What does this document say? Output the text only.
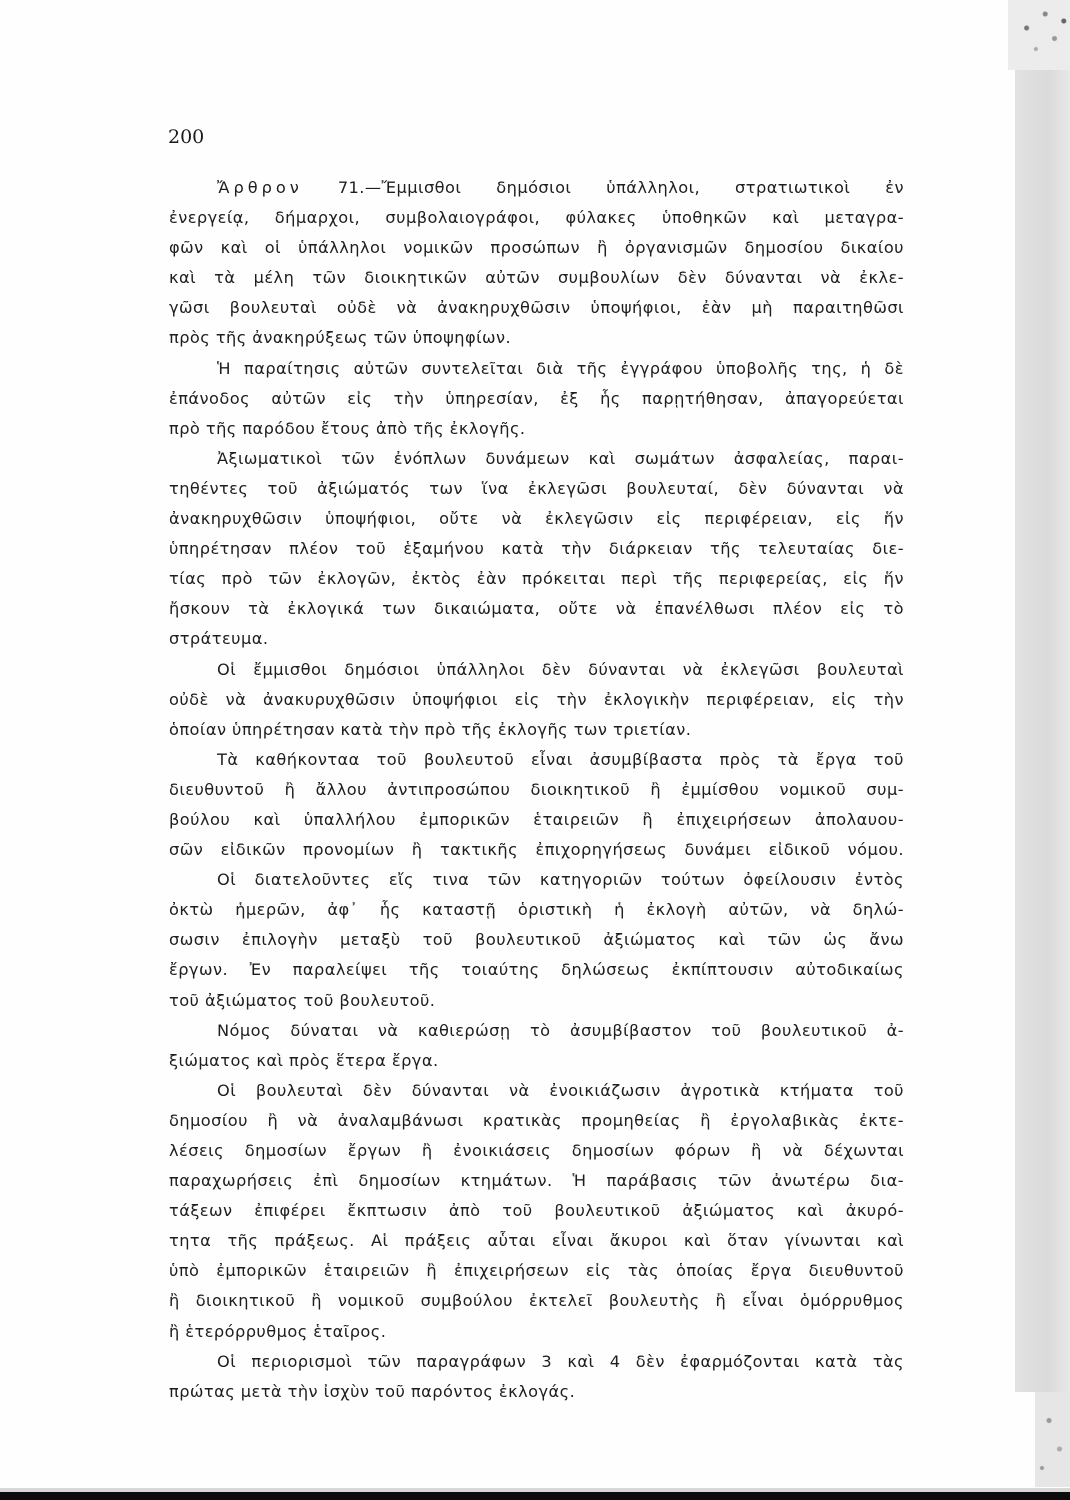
200
Ἄρθρον 71.—Ἔμμισθοι δημόσιοι ὑπάλληλοι, στρατιωτικοὶ ἐν
ἐνεργείᾳ, δήμαρχοι, συμβολαιογράφοι, φύλακες ὑποθηκῶν καὶ μεταγρα-
φῶν καὶ οἱ ὑπάλληλοι νομικῶν προσώπων ἢ ὀργανισμῶν δημοσίου δικαίου
καὶ τὰ μέλη τῶν διοικητικῶν αὐτῶν συμβουλίων δὲν δύνανται νὰ ἐκλε-
γῶσι βουλευταὶ οὐδὲ νὰ ἀνακηρυχθῶσιν ὑποψήφιοι, ἐὰν μὴ παραιτηθῶσι
πρὸς τῆς ἀνακηρύξεως τῶν ὑποψηφίων.
Ἡ παραίτησις αὐτῶν συντελεῖται διὰ τῆς ἐγγράφου ὑποβολῆς της, ἡ δὲ
ἐπάνοδος αὐτῶν εἰς τὴν ὑπηρεσίαν, ἐξ ἧς παρῃτήθησαν, ἀπαγορεύεται
πρὸ τῆς παρόδου ἔτους ἀπὸ τῆς ἐκλογῆς.
Ἀξιωματικοὶ τῶν ἐνόπλων δυνάμεων καὶ σωμάτων ἀσφαλείας, παραι-
τηθέντες τοῦ ἀξιώματός των ἵνα ἐκλεγῶσι βουλευταί, δὲν δύνανται νὰ
ἀνακηρυχθῶσιν ὑποψήφιοι, οὔτε νὰ ἐκλεγῶσιν εἰς περιφέρειαν, εἰς ἥν
ὑπηρέτησαν πλέον τοῦ ἑξαμήνου κατὰ τὴν διάρκειαν τῆς τελευταίας διε-
τίας πρὸ τῶν ἐκλογῶν, ἐκτὸς ἐὰν πρόκειται περὶ τῆς περιφερείας, εἰς ἥν
ἤσκουν τὰ ἐκλογικά των δικαιώματα, οὔτε νὰ ἐπανέλθωσι πλέον εἰς τὸ
στράτευμα.
Οἱ ἔμμισθοι δημόσιοι ὑπάλληλοι δὲν δύνανται νὰ ἐκλεγῶσι βουλευταὶ
οὐδὲ νὰ ἀνακυρυχθῶσιν ὑποψήφιοι εἰς τὴν ἐκλογικὴν περιφέρειαν, εἰς τὴν
ὁποίαν ὑπηρέτησαν κατὰ τὴν πρὸ τῆς ἐκλογῆς των τριετίαν.
Τὰ καθήκονταα τοῦ βουλευτοῦ εἶναι ἀσυμβίβαστα πρὸς τὰ ἔργα τοῦ
διευθυντοῦ ἢ ἄλλου ἀντιπροσώπου διοικητικοῦ ἢ ἐμμίσθου νομικοῦ συμ-
βούλου καὶ ὑπαλλήλου ἐμπορικῶν ἑταιρειῶν ἢ ἐπιχειρήσεων ἀπολαυου-
σῶν εἰδικῶν προνομίων ἢ τακτικῆς ἐπιχορηγήσεως δυνάμει εἰδικοῦ νόμου.
Οἱ διατελοῦντες εἴς τινα τῶν κατηγοριῶν τούτων ὀφείλουσιν ἐντὸς
ὀκτὼ ἡμερῶν, ἀφ᾽ ἧς καταστῇ ὁριστικὴ ἡ ἐκλογὴ αὐτῶν, νὰ δηλώ-
σωσιν ἐπιλογὴν μεταξὺ τοῦ βουλευτικοῦ ἀξιώματος καὶ τῶν ὡς ἄνω
ἔργων. Ἐν παραλείψει τῆς τοιαύτης δηλώσεως ἐκπίπτουσιν αὐτοδικαίως
τοῦ ἀξιώματος τοῦ βουλευτοῦ.
Νόμος δύναται νὰ καθιερώσῃ τὸ ἀσυμβίβαστον τοῦ βουλευτικοῦ ἀ-
ξιώματος καὶ πρὸς ἕτερα ἔργα.
Οἱ βουλευταὶ δὲν δύνανται νὰ ἐνοικιάζωσιν ἀγροτικὰ κτήματα τοῦ
δημοσίου ἢ νὰ ἀναλαμβάνωσι κρατικὰς προμηθείας ἢ ἐργολαβικὰς ἐκτε-
λέσεις δημοσίων ἔργων ἢ ἐνοικιάσεις δημοσίων φόρων ἢ νὰ δέχωνται
παραχωρήσεις ἐπὶ δημοσίων κτημάτων. Ἡ παράβασις τῶν ἀνωτέρω δια-
τάξεων ἐπιφέρει ἔκπτωσιν ἀπὸ τοῦ βουλευτικοῦ ἀξιώματος καὶ ἀκυρό-
τητα τῆς πράξεως. Αἱ πράξεις αὗται εἶναι ἄκυροι καὶ ὅταν γίνωνται καὶ
ὑπὸ ἐμπορικῶν ἑταιρειῶν ἢ ἐπιχειρήσεων εἰς τὰς ὁποίας ἔργα διευθυντοῦ
ἢ διοικητικοῦ ἢ νομικοῦ συμβούλου ἐκτελεῖ βουλευτὴς ἢ εἶναι ὁμόρρυθμος
ἢ ἑτερόρρυθμος ἑταῖρος.
Οἱ περιορισμοὶ τῶν παραγράφων 3 καὶ 4 δὲν ἐφαρμόζονται κατὰ τὰς
πρώτας μετὰ τὴν ἰσχὺν τοῦ παρόντος ἐκλογάς.
